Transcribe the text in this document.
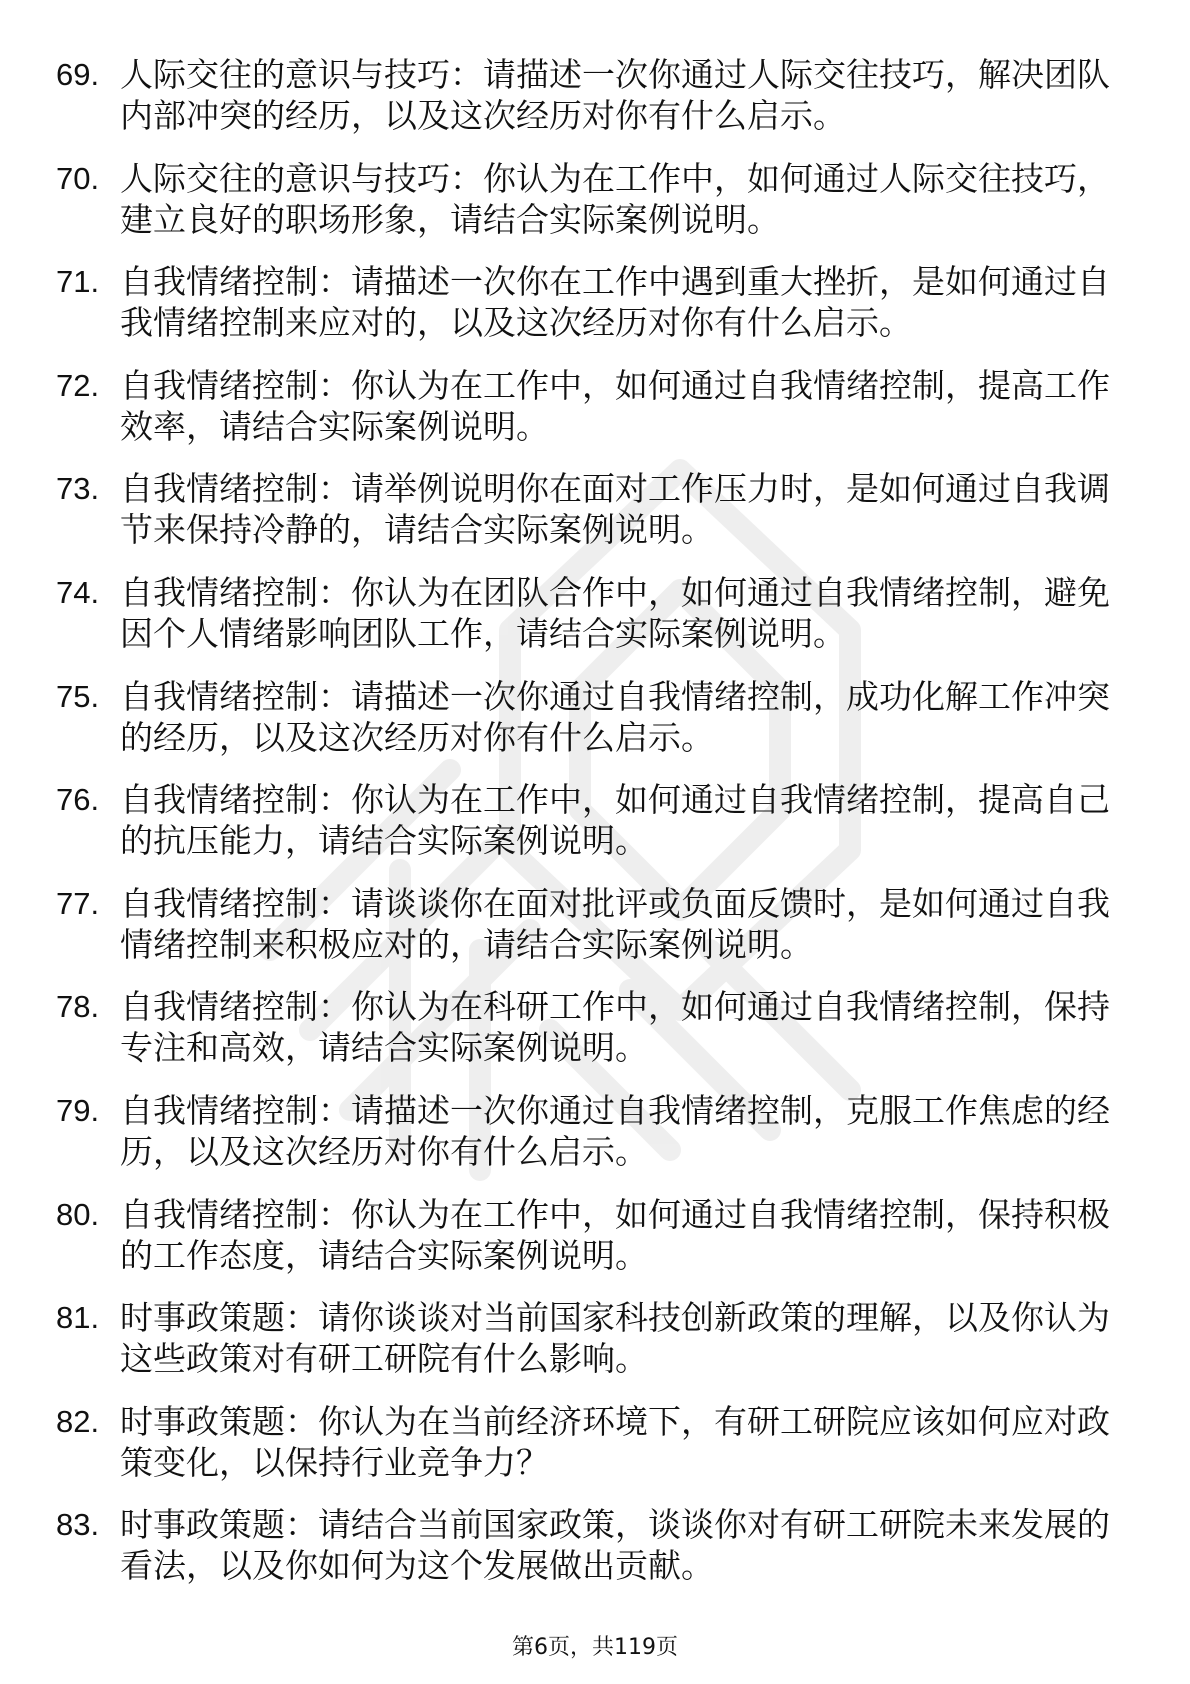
69. 人际交往的意识与技巧：请描述一次你通过人际交往技巧，解决团队内部冲突的经历，以及这次经历对你有什么启示。
70. 人际交往的意识与技巧：你认为在工作中，如何通过人际交往技巧，建立良好的职场形象，请结合实际案例说明。
71. 自我情绪控制：请描述一次你在工作中遇到重大挫折，是如何通过自我情绪控制来应对的，以及这次经历对你有什么启示。
72. 自我情绪控制：你认为在工作中，如何通过自我情绪控制，提高工作效率，请结合实际案例说明。
73. 自我情绪控制：请举例说明你在面对工作压力时，是如何通过自我调节来保持冷静的，请结合实际案例说明。
74. 自我情绪控制：你认为在团队合作中，如何通过自我情绪控制，避免因个人情绪影响团队工作，请结合实际案例说明。
75. 自我情绪控制：请描述一次你通过自我情绪控制，成功化解工作冲突的经历，以及这次经历对你有什么启示。
76. 自我情绪控制：你认为在工作中，如何通过自我情绪控制，提高自己的抗压能力，请结合实际案例说明。
77. 自我情绪控制：请谈谈你在面对批评或负面反馈时，是如何通过自我情绪控制来积极应对的，请结合实际案例说明。
78. 自我情绪控制：你认为在科研工作中，如何通过自我情绪控制，保持专注和高效，请结合实际案例说明。
79. 自我情绪控制：请描述一次你通过自我情绪控制，克服工作焦虑的经历，以及这次经历对你有什么启示。
80. 自我情绪控制：你认为在工作中，如何通过自我情绪控制，保持积极的工作态度，请结合实际案例说明。
81. 时事政策题：请你谈谈对当前国家科技创新政策的理解，以及你认为这些政策对有研工研院有什么影响。
82. 时事政策题：你认为在当前经济环境下，有研工研院应该如何应对政策变化，以保持行业竞争力？
83. 时事政策题：请结合当前国家政策，谈谈你对有研工研院未来发展的看法，以及你如何为这个发展做出贡献。
第6页，共119页
